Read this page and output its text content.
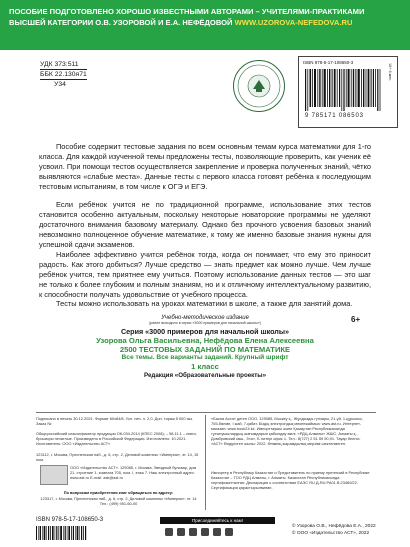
ПОСОБИЕ ПОДГОТОВЛЕНО ХОРОШО ИЗВЕСТНЫМИ АВТОРАМИ – УЧИТЕЛЯМИ-ПРАКТИКАМИ
ВЫСШЕЙ КАТЕГОРИИ О.В. УЗОРОВОЙ И Е.А. НЕФЁДОВОЙ WWW.UZOROVA-NEFEDOVA.RU
УДК 373:511
ББК 22.130я71
У34
ISBN 978-5-17-108650-3
9 785171 086503
16+ 6 мес.

Пособие содержит тестовые задания по всем основным темам курса математики для 1-го класса. Для каждой изученной темы предложены тесты, позволяющие проверить, как ученик её усвоил. При помощи тестов осуществляется закрепление и проверка полученных знаний, чётко выявляются «слабые места». Данные тесты с первого класса готовят ребёнка к последующим тестовым испытаниям, в том числе к ОГЭ и ЕГЭ.

Если ребёнок учится не по традиционной программе, использование этих тестов становится особенно актуальным, поскольку некоторые новаторские программы не уделяют достаточного внимания базовому материалу. Однако без прочного усвоения базовых знаний невозможно полноценное обучение математике, к тому же именно базовые знания нужны для успешной сдачи экзаменов.

Наиболее эффективно учится ребёнок тогда, когда он понимает, что ему это приносит радость. Как этого добиться? Лучше средство — знать предмет как можно лучше. Чем лучше ребёнок учится, тем приятнее ему учиться. Поэтому использование данных тестов — это шаг не только к более глубоким и полным знаниям, но и к отличному интеллектуальному развитию, к способности получать удовольствие от учебного процесса.

Тесты можно использовать на уроках математики в школе, а также для занятий дома.

6+
Учебно-методическое издание
(ранее выходило в серии «3000 примеров для начальной школы»)
Серия «3000 примеров для начальной школы»
Узорова Ольга Васильевна, Нефёдова Елена Алексеевна
2500 ТЕСТОВЫХ ЗАДАНИЙ ПО МАТЕМАТИКЕ
Все темы. Все варианты заданий. Крупный шрифт
1 класс
Редакция «Образовательные проекты»

Подписано в печать 30.12.2021. Формат 60х84/8. Усл. печ. л. 2,0. Доп. тираж 5 000 экз. Заказ №

Общероссийский классификатор продукции ОК-034-2014 (КПЕС 2008); – 58.11.1 – книги, брошюры печатные. Произведено в Российской Федерации. Изготовлено: 10.2021. Изготовитель: ООО «Издательство АСТ»

123112, г. Москва, Пресненская наб., д. 6, стр. 2, Деловой комплекс «Империя», эт. 14, 15 пом.

ООО «Издательство АСТ». 129085, г. Москва, Звездный бульвар, дом 21, строение 1, комната 705, пом. I, этаж 7. Наш электронный адрес: www.ast.ru E-mail: ask@ast.ru

По вопросам приобретения книг обращаться по адресу:

123317, г. Москва, Пресненская наб., д. 6, стр. 2, Деловой комплекс «Империя», эт. 14 Тел.: (499) 951-60-00

«Баспа Аста» деген ООО. 129085, Мәскеу қ., Жұлдызды гүлзары, 21-үй, 1-құрылыс, 705-бөлме, I жай, 7-қабат. Біздің электрондық мекенжаймыз: www.ast.ru. Интернет-магазин: www.book24.kz. Импорттаушы және Қазақстан Республикасында тұтынушылардың шағымдарын қабылдау өкілі: «РДЦ-Алматы» ЖШС. Алматы қ., Домбровский көш., 3«а», Б литері офис 1. Тел.: 8(727) 2 51 59 90,91. Тауар белгісі: «АСТ» Өндірілген жылы: 2022. Өнімнің жарамдылық мерзімі шектелмеген.

Импортер в Республику Казахстан и Представитель по приему претензий в Республике Казахстан – ТОО РДЦ Алматы, г. Алматы. Казахстан Республикасында сертификатталған: Декларация о соответствии ЕАЭС RU Д-RU.РА01.В.23460/22. Сертификация қарастырылмаған.

ISBN 978-5-17-108650-3	Присоединяйтесь к нам!
© Узорова О.В., Нефёдова Е.А., 2022
© ООО «Издательство АСТ», 2022
